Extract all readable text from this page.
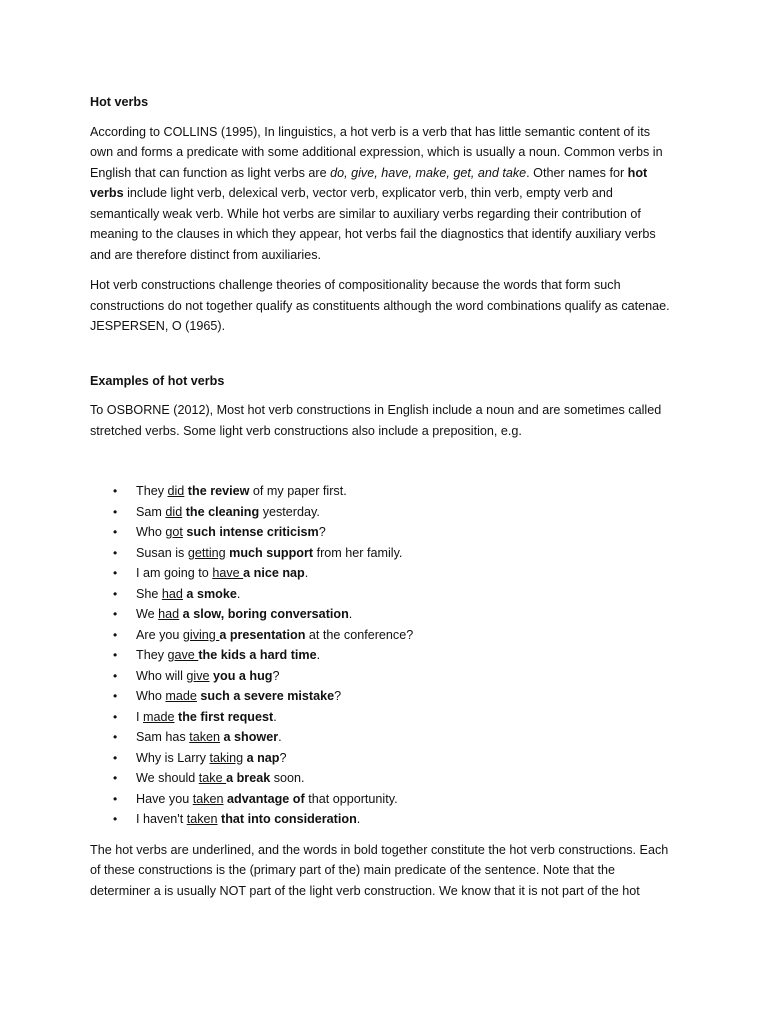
Hot verbs

According to COLLINS (1995), In linguistics, a hot verb is a verb that has little semantic content of its own and forms a predicate with some additional expression, which is usually a noun. Common verbs in English that can function as light verbs are do, give, have, make, get, and take. Other names for hot verbs include light verb, delexical verb, vector verb, explicator verb, thin verb, empty verb and semantically weak verb. While hot verbs are similar to auxiliary verbs regarding their contribution of meaning to the clauses in which they appear, hot verbs fail the diagnostics that identify auxiliary verbs and are therefore distinct from auxiliaries.

Hot verb constructions challenge theories of compositionality because the words that form such constructions do not together qualify as constituents although the word combinations qualify as catenae. JESPERSEN, O (1965).

Examples of hot verbs

To OSBORNE (2012), Most hot verb constructions in English include a noun and are sometimes called stretched verbs. Some light verb constructions also include a preposition, e.g.

• They did the review of my paper first.
• Sam did the cleaning yesterday.
• Who got such intense criticism?
• Susan is getting much support from her family.
• I am going to have a nice nap.
• She had a smoke.
• We had a slow, boring conversation.
• Are you giving a presentation at the conference?
• They gave the kids a hard time.
• Who will give you a hug?
• Who made such a severe mistake?
• I made the first request.
• Sam has taken a shower.
• Why is Larry taking a nap?
• We should take a break soon.
• Have you taken advantage of that opportunity.
• I haven't taken that into consideration.

The hot verbs are underlined, and the words in bold together constitute the hot verb constructions. Each of these constructions is the (primary part of the) main predicate of the sentence. Note that the determiner a is usually NOT part of the light verb construction. We know that it is not part of the hot
